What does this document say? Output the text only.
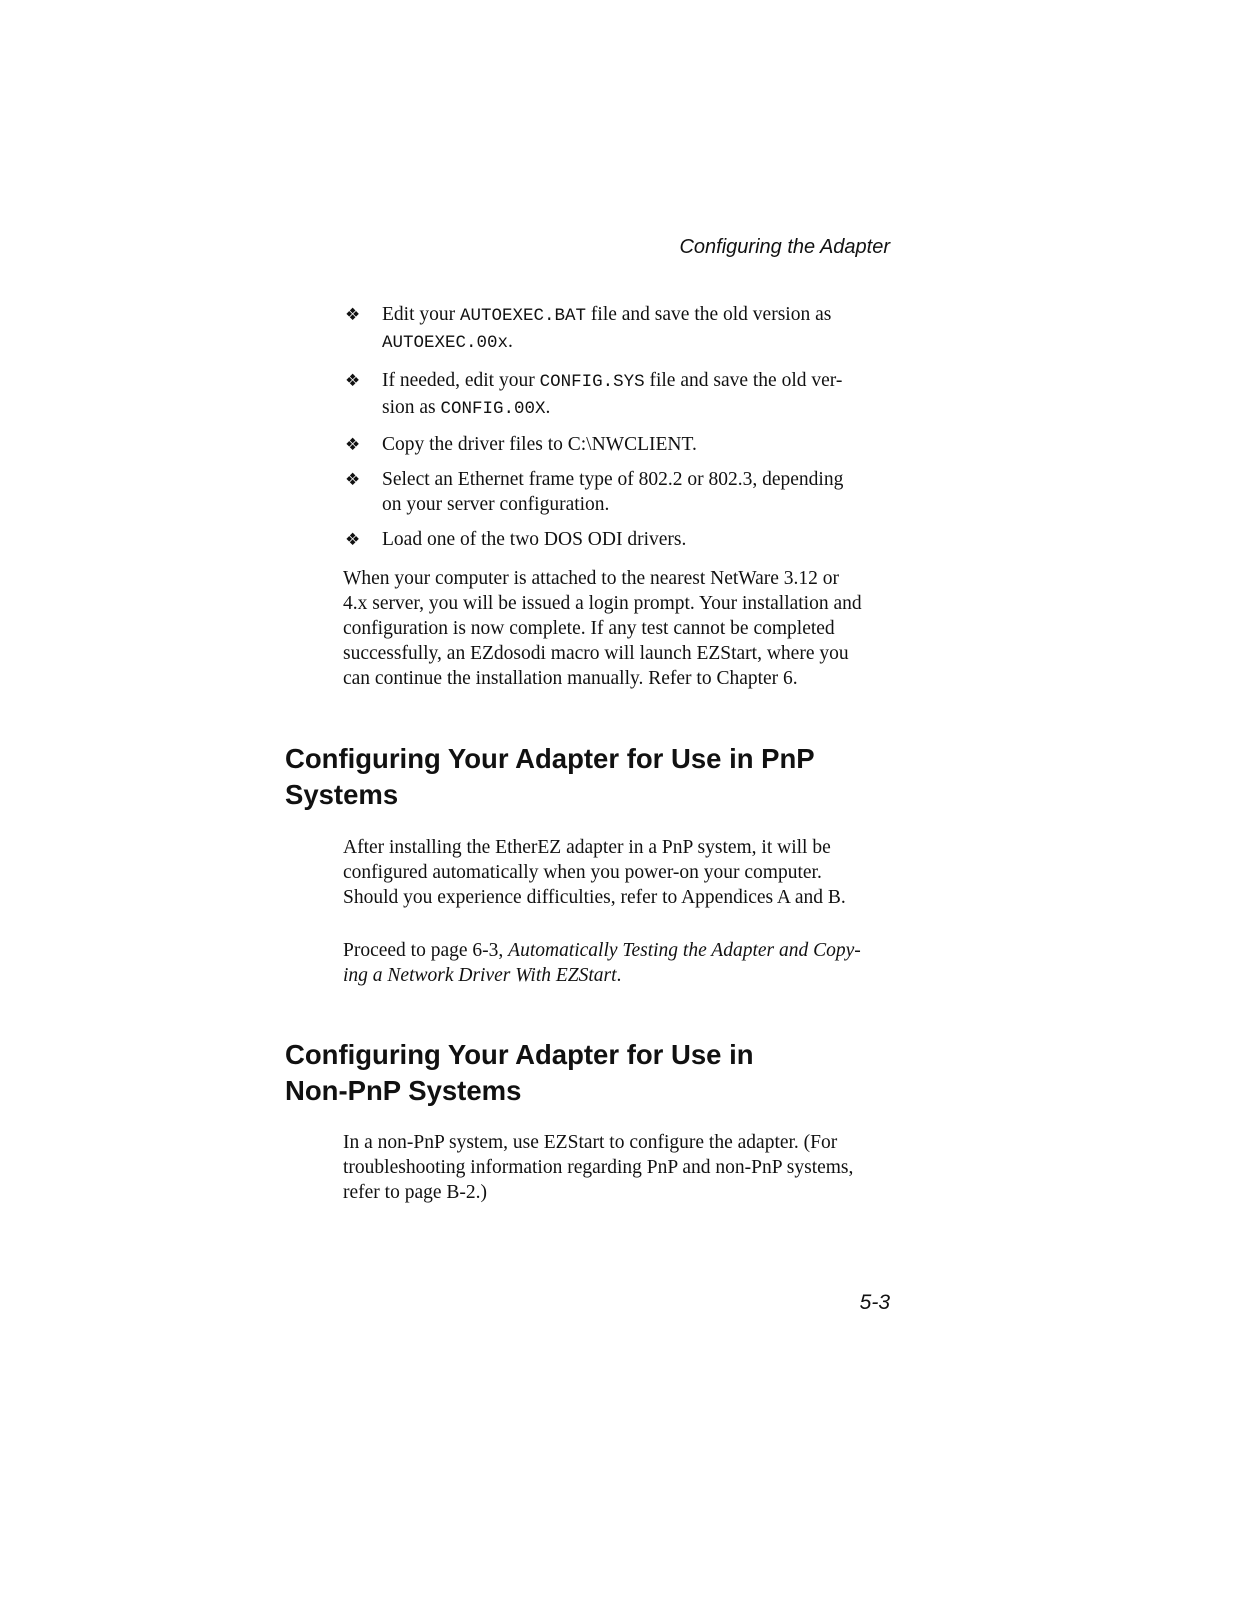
Configuring the Adapter
❖ Edit your AUTOEXEC.BAT file and save the old version as
AUTOEXEC.00x.
❖ If needed, edit your CONFIG.SYS file and save the old ver-
sion as CONFIG.00X.
❖ Copy the driver files to C:\NWCLIENT.
❖ Select an Ethernet frame type of 802.2 or 802.3, depending
on your server configuration.
❖ Load one of the two DOS ODI drivers.

When your computer is attached to the nearest NetWare 3.12 or
4.x server, you will be issued a login prompt. Your installation and
configuration is now complete. If any test cannot be completed
successfully, an EZdosodi macro will launch EZStart, where you
can continue the installation manually. Refer to Chapter 6.

Configuring Your Adapter for Use in PnP
Systems

After installing the EtherEZ adapter in a PnP system, it will be
configured automatically when you power-on your computer.
Should you experience difficulties, refer to Appendices A and B.

Proceed to page 6-3, Automatically Testing the Adapter and Copy-
ing a Network Driver With EZStart.

Configuring Your Adapter for Use in
Non-PnP Systems

In a non-PnP system, use EZStart to configure the adapter. (For
troubleshooting information regarding PnP and non-PnP systems,
refer to page B-2.)

5-3
